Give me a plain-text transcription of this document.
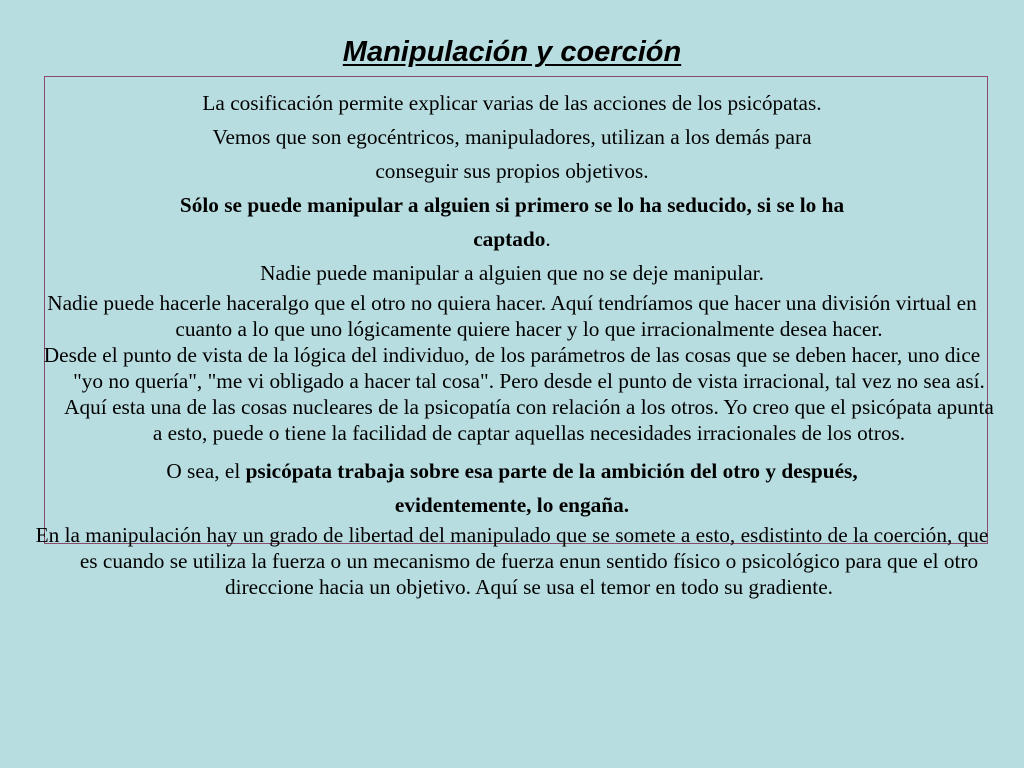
Manipulación y coerción

La cosificación permite explicar varias de las acciones de los psicópatas.

Vemos que son egocéntricos, manipuladores, utilizan a los demás para

conseguir sus propios objetivos.

Sólo se puede manipular a alguien si primero se lo ha seducido, si se lo ha

captado.

Nadie puede manipular a alguien que no se deje manipular.

Nadie puede hacerle haceralgo que el otro no quiera hacer. Aquí tendríamos que hacer una división virtual en cuanto a lo que uno lógicamente quiere hacer y lo que irracionalmente desea hacer.

Desde el punto de vista de la lógica del individuo, de los parámetros de las cosas que se deben hacer, uno dice "yo no quería", "me vi obligado a hacer tal cosa". Pero desde el punto de vista irracional, tal vez no sea así. Aquí esta una de las cosas nucleares de la psicopatía con relación a los otros. Yo creo que el psicópata apunta a esto, puede o tiene la facilidad de captar aquellas necesidades irracionales de los otros.

O sea, el psicópata trabaja sobre esa parte de la ambición del otro y después,

evidentemente, lo engaña.

En la manipulación hay un grado de libertad del manipulado que se somete a esto, esdistinto de la coerción, que es cuando se utiliza la fuerza o un mecanismo de fuerza enun sentido físico o psicológico para que el otro direccione hacia un objetivo. Aquí se usa el temor en todo su gradiente.
